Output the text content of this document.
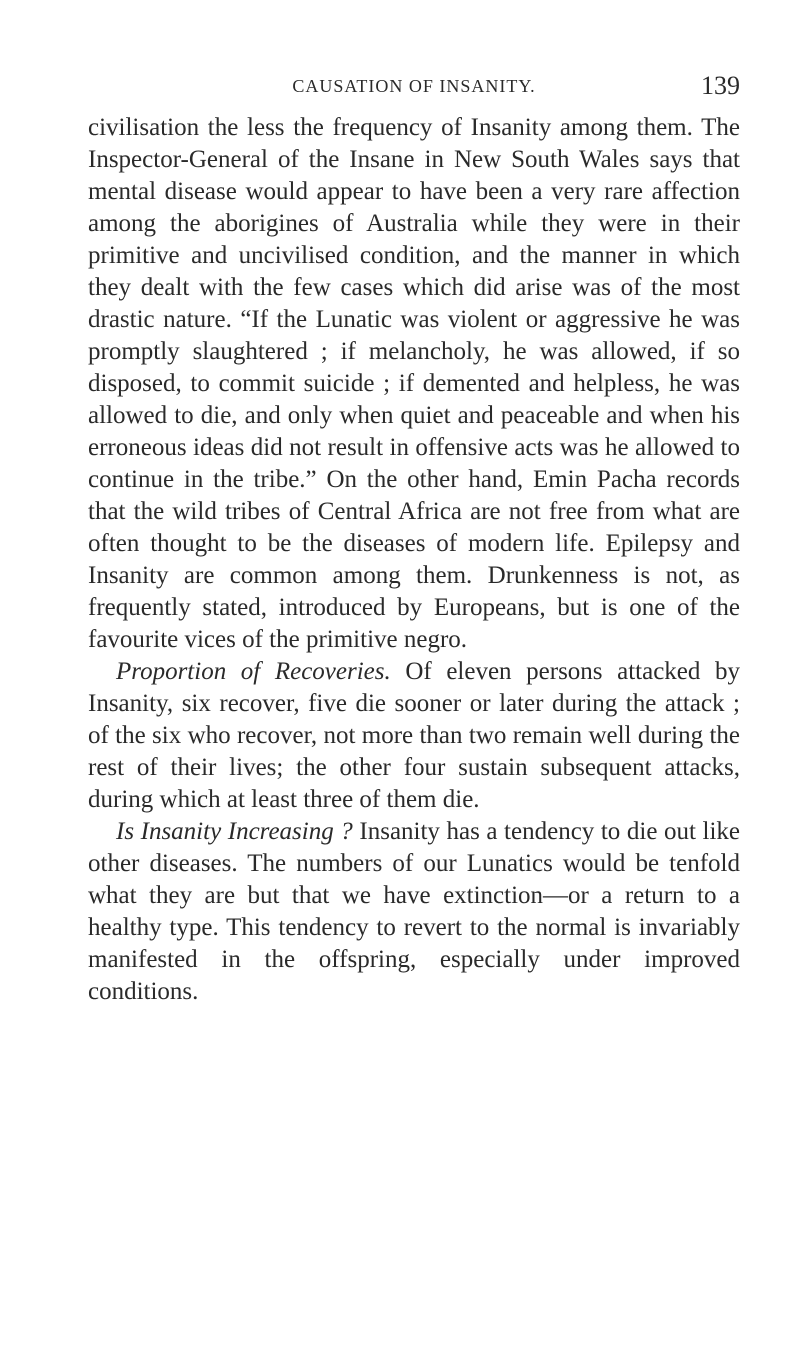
CAUSATION OF INSANITY.	139

civilisation the less the frequency of Insanity among them. The Inspector-General of the Insane in New South Wales says that mental disease would appear to have been a very rare affection among the aborigines of Australia while they were in their primitive and uncivilised condition, and the manner in which they dealt with the few cases which did arise was of the most drastic nature. “If the Lunatic was violent or aggressive he was promptly slaughtered ; if melancholy, he was allowed, if so disposed, to commit suicide ; if demented and helpless, he was allowed to die, and only when quiet and peaceable and when his erroneous ideas did not result in offensive acts was he allowed to continue in the tribe.” On the other hand, Emin Pacha records that the wild tribes of Central Africa are not free from what are often thought to be the diseases of modern life. Epilepsy and Insanity are common among them. Drunkenness is not, as frequently stated, introduced by Europeans, but is one of the favourite vices of the primitive negro.

Proportion of Recoveries. Of eleven persons attacked by Insanity, six recover, five die sooner or later during the attack ; of the six who recover, not more than two remain well during the rest of their lives; the other four sustain subsequent attacks, during which at least three of them die.

Is Insanity Increasing ? Insanity has a tendency to die out like other diseases. The numbers of our Lunatics would be tenfold what they are but that we have extinction—or a return to a healthy type. This tendency to revert to the normal is invariably manifested in the offspring, especially under improved conditions.
